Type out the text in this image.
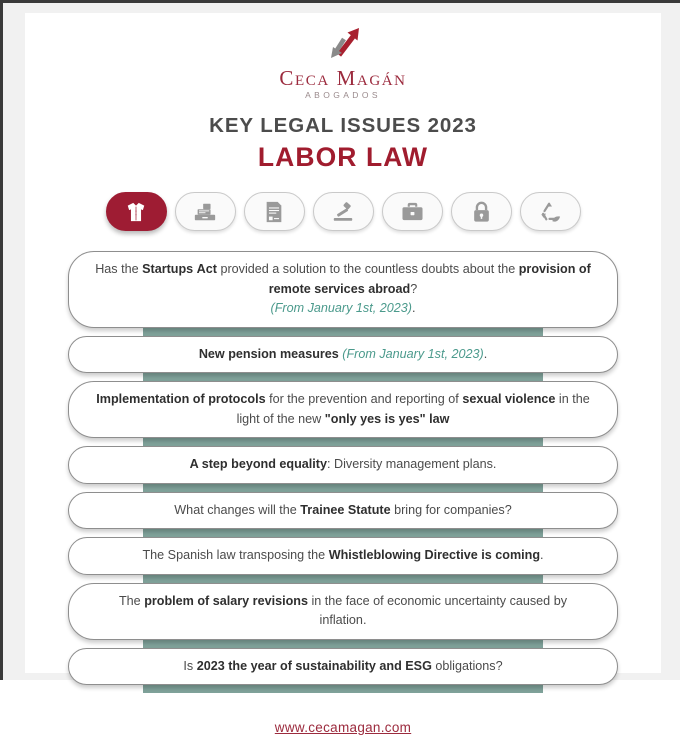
Ceca Magán
ABOGADOS
KEY LEGAL ISSUES 2023
LABOR LAW
Has the Startups Act provided a solution to the countless doubts about the provision of remote services abroad?
(From January 1st, 2023).
New pension measures (From January 1st, 2023).
Implementation of protocols for the prevention and reporting of sexual violence in the light of the new "only yes is yes" law
A step beyond equality: Diversity management plans.
What changes will the Trainee Statute bring for companies?
The Spanish law transposing the Whistleblowing Directive is coming.
The problem of salary revisions in the face of economic uncertainty caused by inflation.
Is 2023 the year of sustainability and ESG obligations?
www.cecamagan.com
